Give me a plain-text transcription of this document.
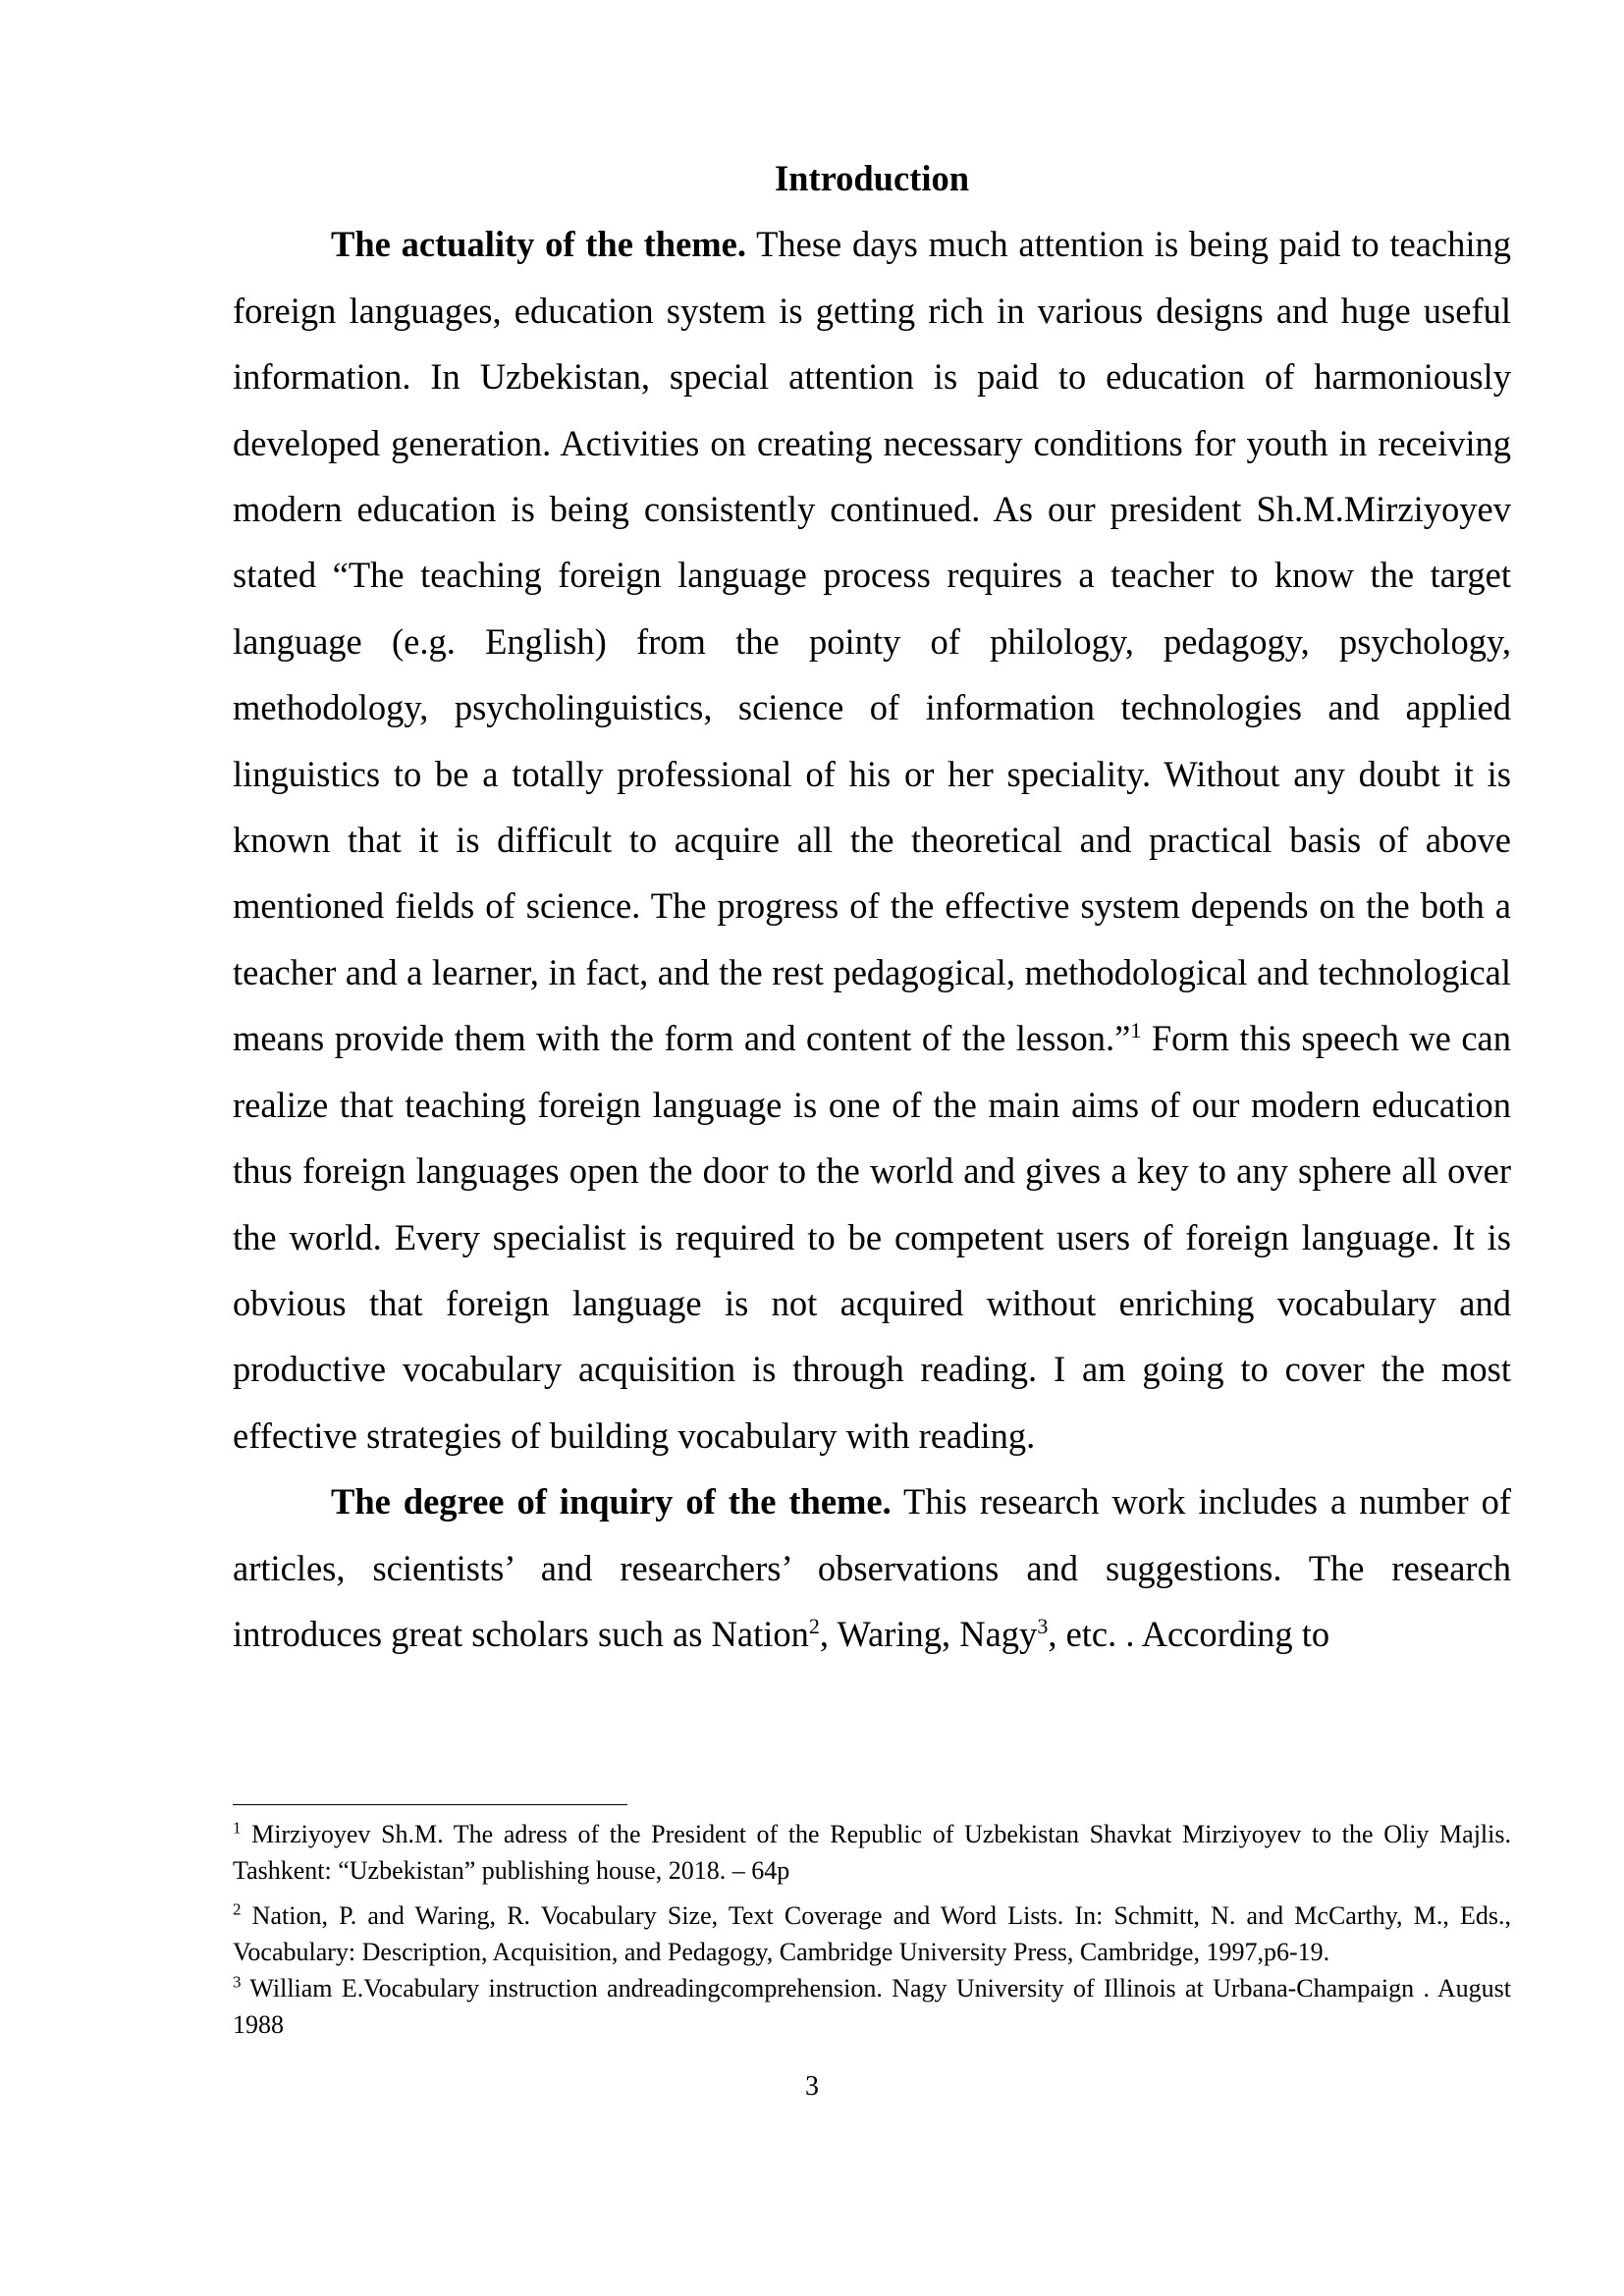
Introduction

The actuality of the theme. These days much attention is being paid to teaching foreign languages, education system is getting rich in various designs and huge useful information. In Uzbekistan, special attention is paid to education of harmoniously developed generation. Activities on creating necessary conditions for youth in receiving modern education is being consistently continued. As our president Sh.M.Mirziyoyev stated “The teaching foreign language process requires a teacher to know the target language (e.g. English) from the pointy of philology, pedagogy, psychology, methodology, psycholinguistics, science of information technologies and applied linguistics to be a totally professional of his or her speciality. Without any doubt it is known that it is difficult to acquire all the theoretical and practical basis of above mentioned fields of science. The progress of the effective system depends on the both a teacher and a learner, in fact, and the rest pedagogical, methodological and technological means provide them with the form and content of the lesson.”$^1$ Form this speech we can realize that teaching foreign language is one of the main aims of our modern education thus foreign languages open the door to the world and gives a key to any sphere all over the world. Every specialist is required to be competent users of foreign language. It is obvious that foreign language is not acquired without enriching vocabulary and productive vocabulary acquisition is through reading. I am going to cover the most effective strategies of building vocabulary with reading.

The degree of inquiry of the theme. This research work includes a number of articles, scientists’ and researchers’ observations and suggestions. The research introduces great scholars such as Nation$^2$, Waring, Nagy$^3$, etc. . According to

$^1$ Mirziyoyev Sh.M. The adress of the President of the Republic of Uzbekistan Shavkat Mirziyoyev to the Oliy Majlis. Tashkent: “Uzbekistan” publishing house, 2018. – 64p

$^2$ Nation, P. and Waring, R. Vocabulary Size, Text Coverage and Word Lists. In: Schmitt, N. and McCarthy, M., Eds., Vocabulary: Description, Acquisition, and Pedagogy, Cambridge University Press, Cambridge, 1997,p6-19.

$^3$ William E.Vocabulary instruction andreadingcomprehension. Nagy University of Illinois at Urbana-Champaign . August 1988

3
